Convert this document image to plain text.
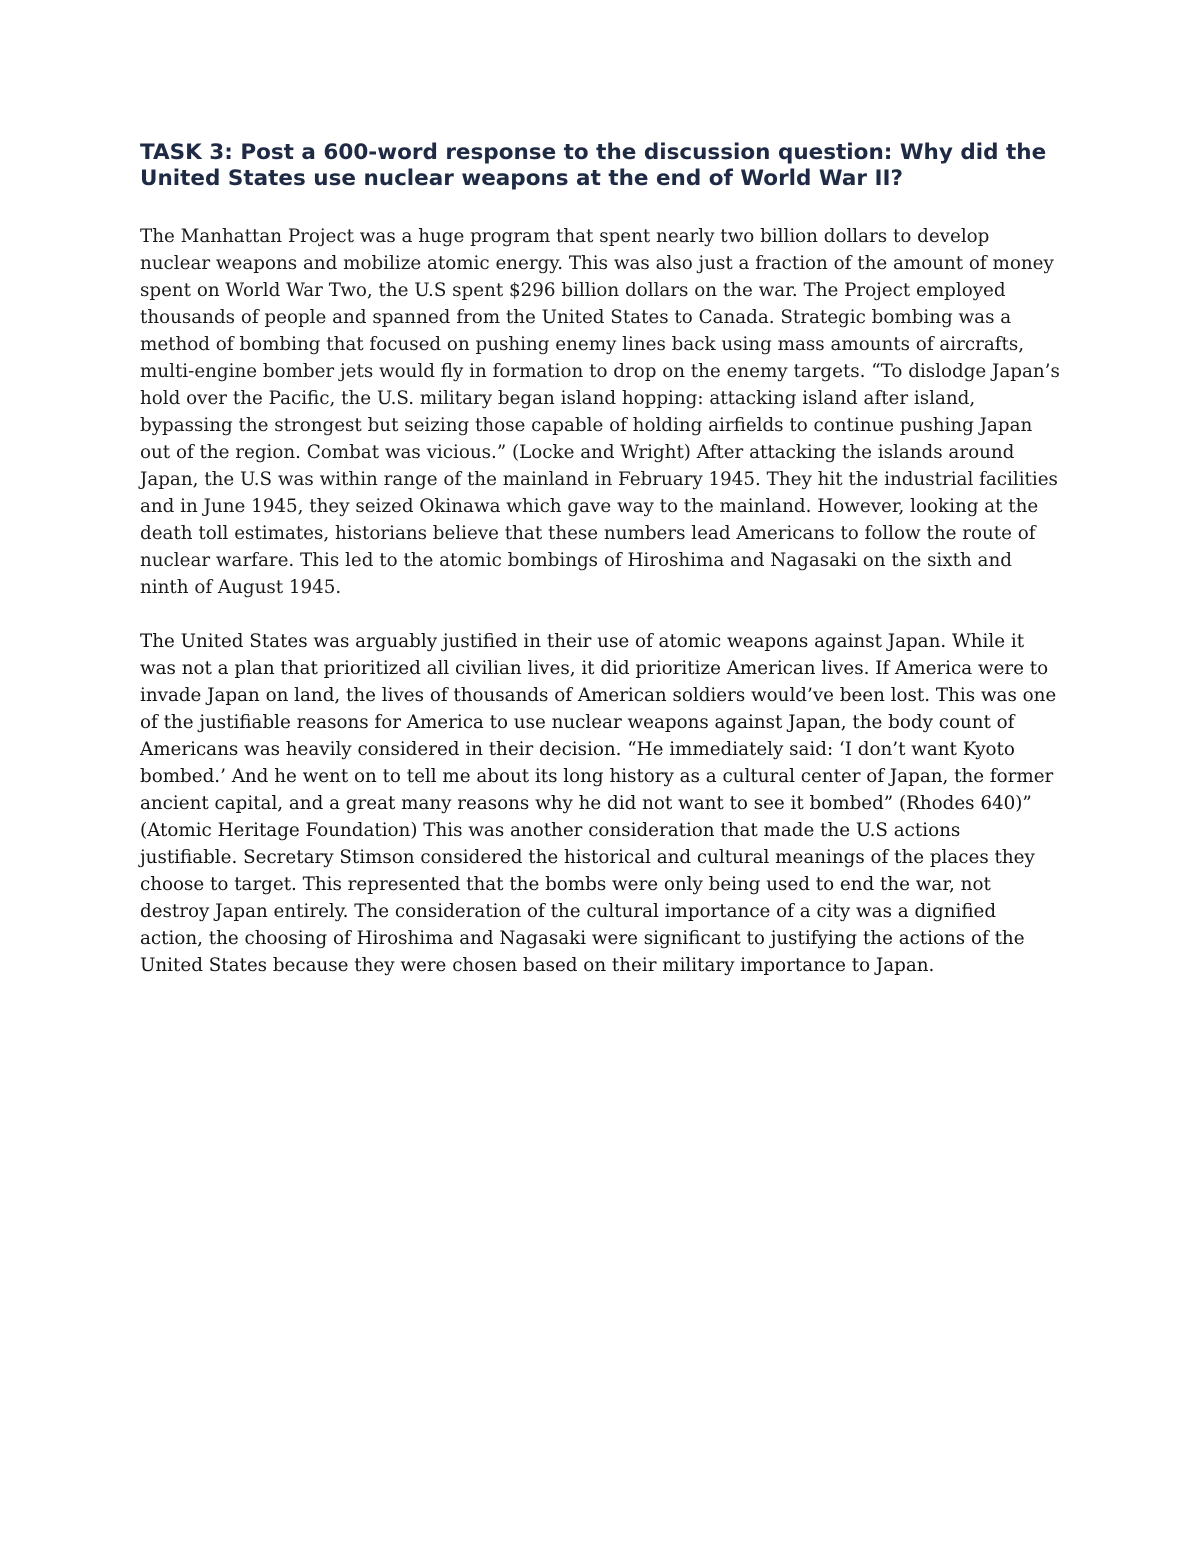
TASK 3: Post a 600-word response to the discussion question: Why did the United States use nuclear weapons at the end of World War II?

The Manhattan Project was a huge program that spent nearly two billion dollars to develop nuclear weapons and mobilize atomic energy. This was also just a fraction of the amount of money spent on World War Two, the U.S spent $296 billion dollars on the war. The Project employed thousands of people and spanned from the United States to Canada. Strategic bombing was a method of bombing that focused on pushing enemy lines back using mass amounts of aircrafts, multi-engine bomber jets would fly in formation to drop on the enemy targets. “To dislodge Japan’s hold over the Pacific, the U.S. military began island hopping: attacking island after island, bypassing the strongest but seizing those capable of holding airfields to continue pushing Japan out of the region. Combat was vicious.” (Locke and Wright) After attacking the islands around Japan, the U.S was within range of the mainland in February 1945. They hit the industrial facilities and in June 1945, they seized Okinawa which gave way to the mainland. However, looking at the death toll estimates, historians believe that these numbers lead Americans to follow the route of nuclear warfare. This led to the atomic bombings of Hiroshima and Nagasaki on the sixth and ninth of August 1945.

The United States was arguably justified in their use of atomic weapons against Japan. While it was not a plan that prioritized all civilian lives, it did prioritize American lives. If America were to invade Japan on land, the lives of thousands of American soldiers would’ve been lost. This was one of the justifiable reasons for America to use nuclear weapons against Japan, the body count of Americans was heavily considered in their decision. “He immediately said: ‘I don’t want Kyoto bombed.’ And he went on to tell me about its long history as a cultural center of Japan, the former ancient capital, and a great many reasons why he did not want to see it bombed” (Rhodes 640)” (Atomic Heritage Foundation) This was another consideration that made the U.S actions justifiable. Secretary Stimson considered the historical and cultural meanings of the places they choose to target. This represented that the bombs were only being used to end the war, not destroy Japan entirely. The consideration of the cultural importance of a city was a dignified action, the choosing of Hiroshima and Nagasaki were significant to justifying the actions of the United States because they were chosen based on their military importance to Japan.
